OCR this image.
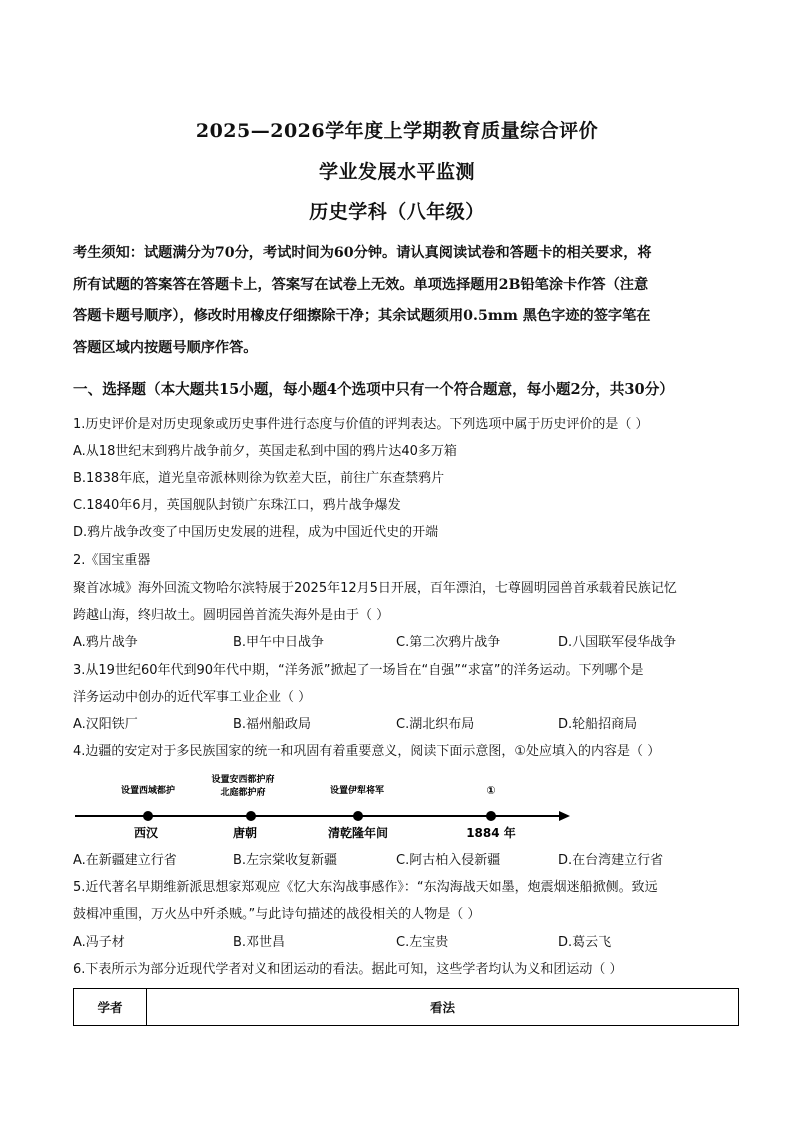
2025—2026学年度上学期教育质量综合评价
学业发展水平监测
历史学科（八年级）
考生须知：试题满分为70分，考试时间为60分钟。请认真阅读试卷和答题卡的相关要求，将
所有试题的答案答在答题卡上，答案写在试卷上无效。单项选择题用2B铅笔涂卡作答（注意
答题卡题号顺序），修改时用橡皮仔细擦除干净；其余试题须用0.5mm 黑色字迹的签字笔在
答题区域内按题号顺序作答。
一、选择题（本大题共15小题，每小题4个选项中只有一个符合题意，每小题2分，共30分）
1.历史评价是对历史现象或历史事件进行态度与价值的评判表达。下列选项中属于历史评价的是（ ）
A.从18世纪末到鸦片战争前夕，英国走私到中国的鸦片达40多万箱
B.1838年底，道光皇帝派林则徐为钦差大臣，前往广东查禁鸦片
C.1840年6月，英国舰队封锁广东珠江口，鸦片战争爆发
D.鸦片战争改变了中国历史发展的进程，成为中国近代史的开端
2.《国宝重器
聚首冰城》海外回流文物哈尔滨特展于2025年12月5日开展，百年漂泊，七尊圆明园兽首承载着民族记忆
跨越山海，终归故土。圆明园兽首流失海外是由于（ ）
A.鸦片战争	B.甲午中日战争	C.第二次鸦片战争	D.八国联军侵华战争
3.从19世纪60年代到90年代中期，“洋务派”掀起了一场旨在“自强”“求富”的洋务运动。下列哪个是
洋务运动中创办的近代军事工业企业（ ）
A.汉阳铁厂	B.福州船政局	C.湖北织布局	D.轮船招商局
4.边疆的安定对于多民族国家的统一和巩固有着重要意义，阅读下面示意图，①处应填入的内容是（ ）
设置西域都护
设置安西都护府
北庭都护府	设置伊犁将军	①
西汉	唐朝	清乾隆年间	1884 年
A.在新疆建立行省	B.左宗棠收复新疆	C.阿古柏入侵新疆	D.在台湾建立行省
5.近代著名早期维新派思想家郑观应《忆大东沟战事感作》：“东沟海战天如墨，炮震烟迷船掀侧。致远
鼓楫冲重围，万火丛中歼杀贼。”与此诗句描述的战役相关的人物是（ ）
A.冯子材	B.邓世昌	C.左宝贵	D.葛云飞
6.下表所示为部分近现代学者对义和团运动的看法。据此可知，这些学者均认为义和团运动（ ）
学者	看法
